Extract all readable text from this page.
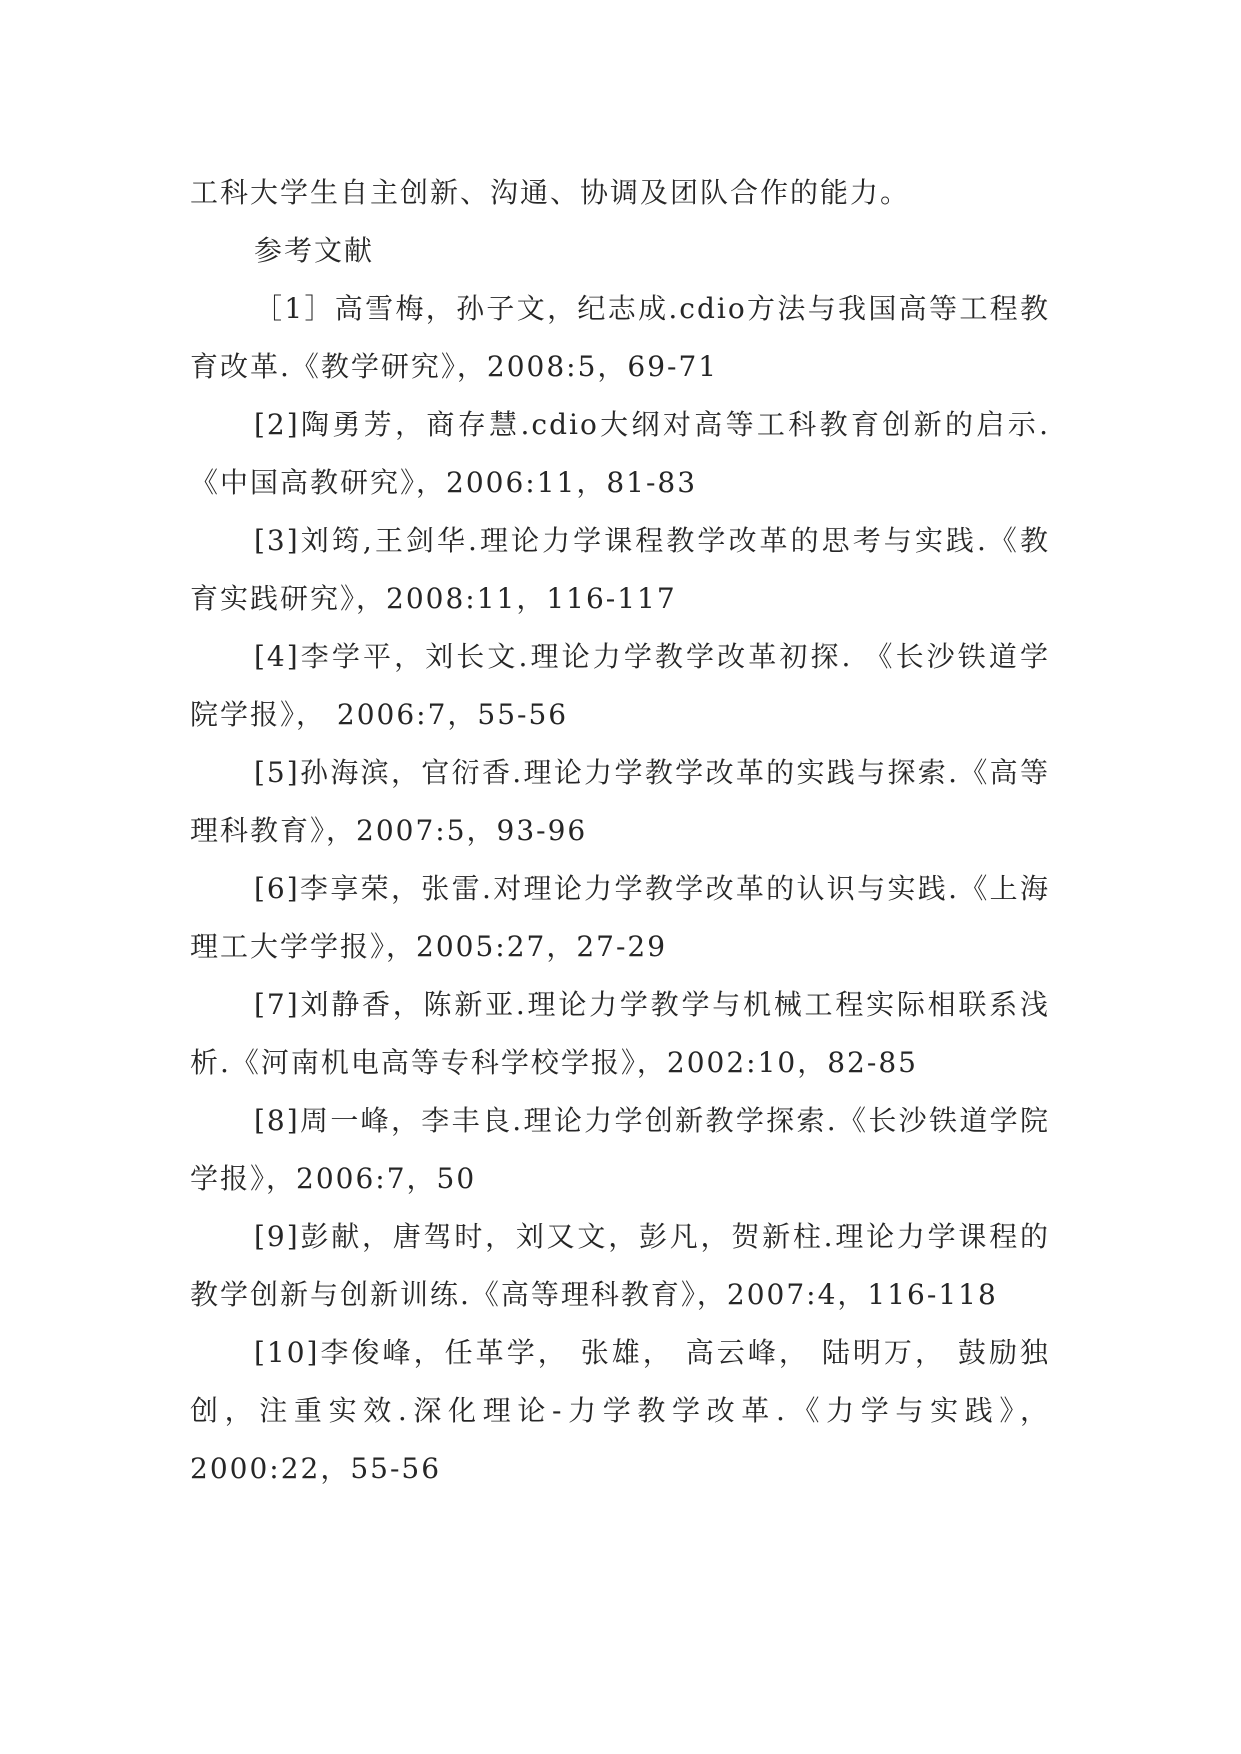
工科大学生自主创新、沟通、协调及团队合作的能力。

参考文献

［1］高雪梅，孙子文，纪志成.cdio方法与我国高等工程教育改革.《教学研究》，2008:5，69-71

[2]陶勇芳，商存慧.cdio大纲对高等工科教育创新的启示.《中国高教研究》，2006:11，81-83

[3]刘筠,王剑华.理论力学课程教学改革的思考与实践.《教育实践研究》，2008:11，116-117

[4]李学平，刘长文.理论力学教学改革初探. 《长沙铁道学院学报》， 2006:7，55-56

[5]孙海滨，官衍香.理论力学教学改革的实践与探索.《高等理科教育》，2007:5，93-96

[6]李享荣，张雷.对理论力学教学改革的认识与实践.《上海理工大学学报》，2005:27，27-29

[7]刘静香，陈新亚.理论力学教学与机械工程实际相联系浅析.《河南机电高等专科学校学报》，2002:10，82-85

[8]周一峰，李丰良.理论力学创新教学探索.《长沙铁道学院学报》，2006:7，50

[9]彭献，唐驾时，刘又文，彭凡，贺新柱.理论力学课程的教学创新与创新训练.《高等理科教育》，2007:4，116-118

[10]李俊峰，任革学， 张雄， 高云峰， 陆明万， 鼓励独创，注重实效.深化理论-力学教学改革.《力学与实践》，2000:22，55-56
